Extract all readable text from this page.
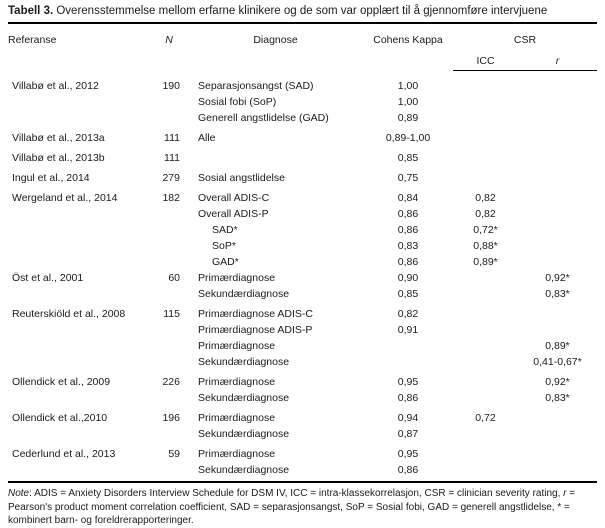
Tabell 3. Overensstemmelse mellom erfarne klinikere og de som var opplært til å gjennomføre intervjuene
Referanse	N	Diagnose	Cohens Kappa	CSR	
				ICC	r

Villabø et al., 2012	190	Separasjonsangst (SAD)	1,00		
		Sosial fobi (SoP)	1,00		
		Generell angstlidelse (GAD)	0,89		

Villabø et al., 2013a	111	Alle	0,89-1,00		

Villabø et al., 2013b	111		0,85		

Ingul et al., 2014	279	Sosial angstlidelse	0,75		

Wergeland et al., 2014	182	Overall ADIS-C	0,84	0,82	
		Overall ADIS-P	0,86	0,82	
		SAD*	0,86	0,72*	
		SoP*	0,83	0,88*	
		GAD*	0,86	0,89*	
Öst et al., 2001	60	Primærdiagnose	0,90		0,92*
		Sekundærdiagnose	0,85		0,83*

Reuterskiöld et al., 2008	115	Primærdiagnose ADIS-C	0,82		
		Primærdiagnose ADIS-P	0,91		
		Primærdiagnose			0,89*
		Sekundærdiagnose			0,41-0,67*

Ollendick et al., 2009	226	Primærdiagnose	0,95		0,92*
		Sekundærdiagnose	0,86		0,83*

Ollendick et al.,2010	196	Primærdiagnose	0,94	0,72	
		Sekundærdiagnose	0,87		

Cederlund et al., 2013	59	Primærdiagnose	0,95		
		Sekundærdiagnose	0,86		
Note: ADIS = Anxiety Disorders Interview Schedule for DSM IV, ICC = intra-klassekorrelasjon, CSR = clinician severity rating, r = Pearson's product moment correlation coefficient, SAD = separasjonsangst, SoP = Sosial fobi, GAD = generell angstlidelse, * = kombinert barn- og foreldrerapporteringer.
